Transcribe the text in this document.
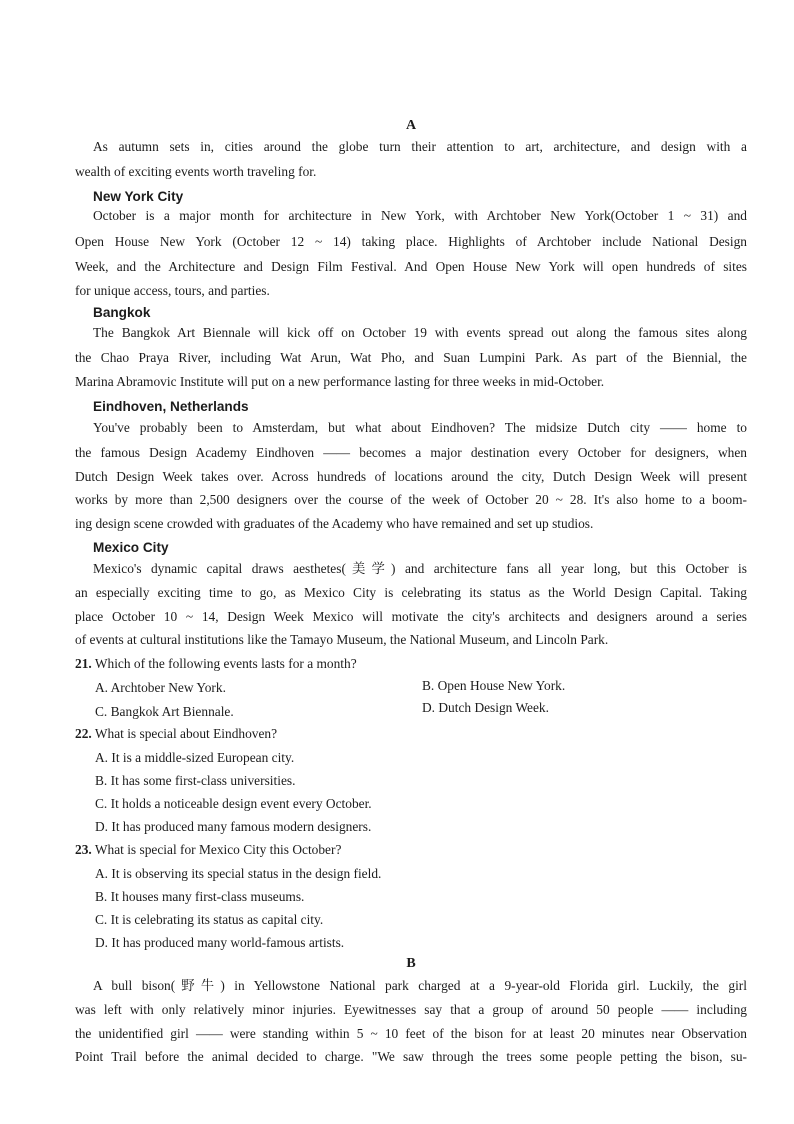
A
As autumn sets in, cities around the globe turn their attention to art, architecture, and design with a
wealth of exciting events worth traveling for.
New York City
October is a major month for architecture in New York, with Archtober New York(October 1 ~ 31) and
Open House New York (October 12 ~ 14) taking place. Highlights of Archtober include National Design
Week, and the Architecture and Design Film Festival. And Open House New York will open hundreds of sites
for unique access, tours, and parties.
Bangkok
The Bangkok Art Biennale will kick off on October 19 with events spread out along the famous sites along
the Chao Praya River, including Wat Arun, Wat Pho, and Suan Lumpini Park. As part of the Biennial, the
Marina Abramovic Institute will put on a new performance lasting for three weeks in mid-October.
Eindhoven, Netherlands
You've probably been to Amsterdam, but what about Eindhoven? The midsize Dutch city —— home to
the famous Design Academy Eindhoven —— becomes a major destination every October for designers, when
Dutch Design Week takes over. Across hundreds of locations around the city, Dutch Design Week will present
works by more than 2,500 designers over the course of the week of October 20 ~ 28. It's also home to a boom-
ing design scene crowded with graduates of the Academy who have remained and set up studios.
Mexico City
Mexico's dynamic capital draws aesthetes(美学) and architecture fans all year long, but this October is
an especially exciting time to go, as Mexico City is celebrating its status as the World Design Capital. Taking
place October 10 ~ 14, Design Week Mexico will motivate the city's architects and designers around a series
of events at cultural institutions like the Tamayo Museum, the National Museum, and Lincoln Park.
21. Which of the following events lasts for a month?
A. Archtober New York.	B. Open House New York.
C. Bangkok Art Biennale.	D. Dutch Design Week.
22. What is special about Eindhoven?
A. It is a middle-sized European city.
B. It has some first-class universities.
C. It holds a noticeable design event every October.
D. It has produced many famous modern designers.
23. What is special for Mexico City this October?
A. It is observing its special status in the design field.
B. It houses many first-class museums.
C. It is celebrating its status as capital city.
D. It has produced many world-famous artists.
B
A bull bison(野牛) in Yellowstone National park charged at a 9-year-old Florida girl. Luckily, the girl
was left with only relatively minor injuries. Eyewitnesses say that a group of around 50 people —— including
the unidentified girl —— were standing within 5 ~ 10 feet of the bison for at least 20 minutes near Observation
Point Trail before the animal decided to charge. "We saw through the trees some people petting the bison, su-
